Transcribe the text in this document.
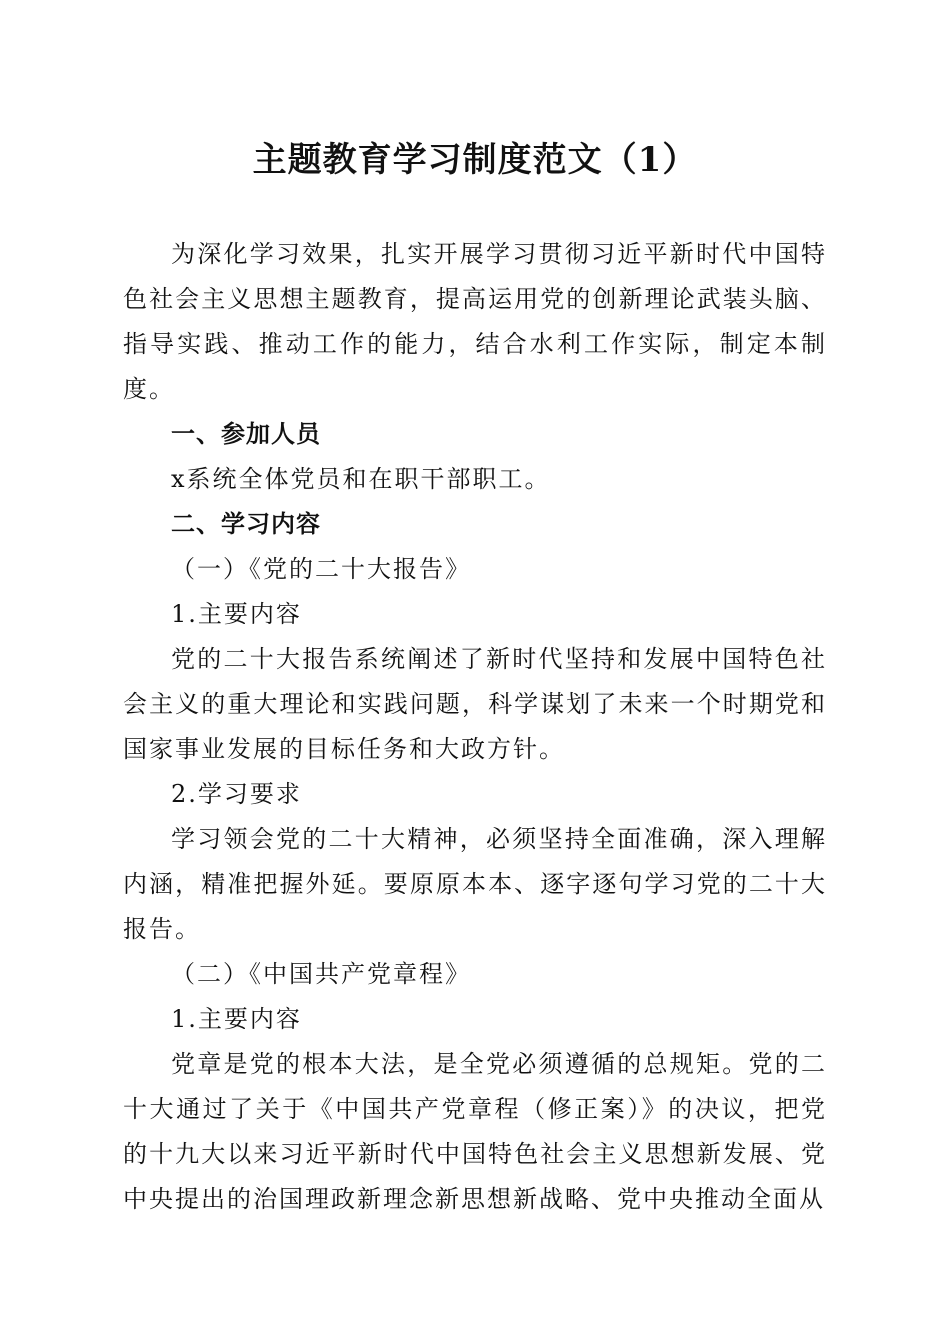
主题教育学习制度范文（1）

为深化学习效果，扎实开展学习贯彻习近平新时代中国特色社会主义思想主题教育，提高运用党的创新理论武装头脑、指导实践、推动工作的能力，结合水利工作实际，制定本制度。

一、参加人员

x系统全体党员和在职干部职工。

二、学习内容

（一）《党的二十大报告》

1.主要内容

党的二十大报告系统阐述了新时代坚持和发展中国特色社会主义的重大理论和实践问题，科学谋划了未来一个时期党和国家事业发展的目标任务和大政方针。

2.学习要求

学习领会党的二十大精神，必须坚持全面准确，深入理解内涵，精准把握外延。要原原本本、逐字逐句学习党的二十大报告。

（二）《中国共产党章程》

1.主要内容

党章是党的根本大法，是全党必须遵循的总规矩。党的二十大通过了关于《中国共产党章程（修正案）》的决议，把党的十九大以来习近平新时代中国特色社会主义思想新发展、党中央提出的治国理政新理念新思想新战略、党中央推动全面从
